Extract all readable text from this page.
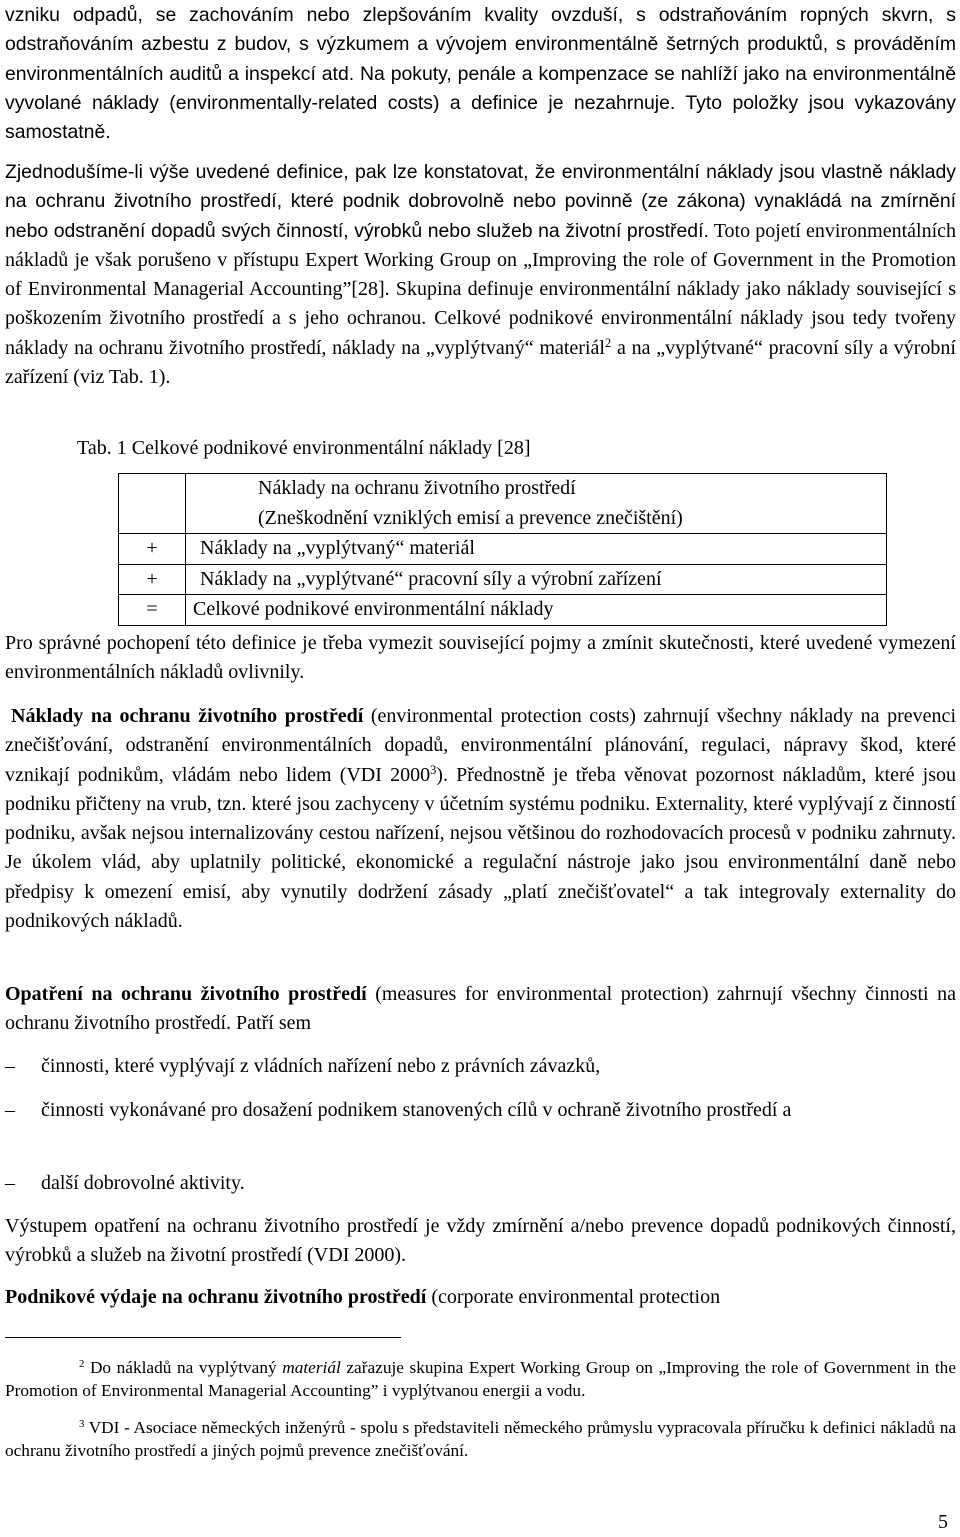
vzniku odpadů, se zachováním nebo zlepšováním kvality ovzduší, s odstraňováním ropných skvrn, s odstraňováním azbestu z budov, s výzkumem a vývojem environmentálně šetrných produktů, s prováděním environmentálních auditů a inspekcí atd. Na pokuty, penále a kompenzace se nahlíží jako na environmentálně vyvolané náklady (environmentally-related costs) a definice je nezahrnuje. Tyto položky jsou vykazovány samostatně.

Zjednodušíme-li výše uvedené definice, pak lze konstatovat, že environmentální náklady jsou vlastně náklady na ochranu životního prostředí, které podnik dobrovolně nebo povinně (ze zákona) vynakládá na zmírnění nebo odstranění dopadů svých činností, výrobků nebo služeb na životní prostředí. Toto pojetí environmentálních nákladů je však porušeno v přístupu Expert Working Group on „Improving the role of Government in the Promotion of Environmental Managerial Accounting”[28]. Skupina definuje environmentální náklady jako náklady související s poškozením životního prostředí a s jeho ochranou. Celkové podnikové environmentální náklady jsou tedy tvořeny náklady na ochranu životního prostředí, náklady na „vyplýtvaný“ materiál$^2$ a na „vyplýtvané“ pracovní síly a výrobní zařízení (viz Tab. 1).

Tab. 1 Celkové podnikové environmentální náklady [28]

	Náklady na ochranu životního prostředí
(Zneškodnění vzniklých emisí a prevence znečištění)

+	Náklady na „vyplýtvaný“ materiál
+	Náklady na „vyplýtvané“ pracovní síly a výrobní zařízení
=	Celkové podnikové environmentální náklady

Pro správné pochopení této definice je třeba vymezit související pojmy a zmínit skutečnosti, které uvedené vymezení environmentálních nákladů ovlivnily.

Náklady na ochranu životního prostředí (environmental protection costs) zahrnují všechny náklady na prevenci znečišťování, odstranění environmentálních dopadů, environmentální plánování, regulaci, nápravy škod, které vznikají podnikům, vládám nebo lidem (VDI 2000$^3$). Přednostně je třeba věnovat pozornost nákladům, které jsou podniku přičteny na vrub, tzn. které jsou zachyceny v účetním systému podniku. Externality, které vyplývají z činností podniku, avšak nejsou internalizovány cestou nařízení, nejsou většinou do rozhodovacích procesů v podniku zahrnuty. Je úkolem vlád, aby uplatnily politické, ekonomické a regulační nástroje jako jsou environmentální daně nebo předpisy k omezení emisí, aby vynutily dodržení zásady „platí znečišťovatel“ a tak integrovaly externality do podnikových nákladů.

Opatření na ochranu životního prostředí (measures for environmental protection) zahrnují všechny činnosti na ochranu životního prostředí. Patří sem

–	činnosti, které vyplývají z vládních nařízení nebo z právních závazků,

–	činnosti vykonávané pro dosažení podnikem stanovených cílů v ochraně životního prostředí a

–	další dobrovolné aktivity.

Výstupem opatření na ochranu životního prostředí je vždy zmírnění a/nebo prevence dopadů podnikových činností, výrobků a služeb na životní prostředí (VDI 2000).

Podnikové výdaje na ochranu životního prostředí (corporate environmental protection

$^2$ Do nákladů na vyplýtvaný materiál zařazuje skupina Expert Working Group on „Improving the role of Government in the Promotion of Environmental Managerial Accounting” i vyplýtvanou energii a vodu.

$^3$ VDI - Asociace německých inženýrů - spolu s představiteli německého průmyslu vypracovala příručku k definici nákladů na ochranu životního prostředí a jiných pojmů prevence znečišťování.

5
